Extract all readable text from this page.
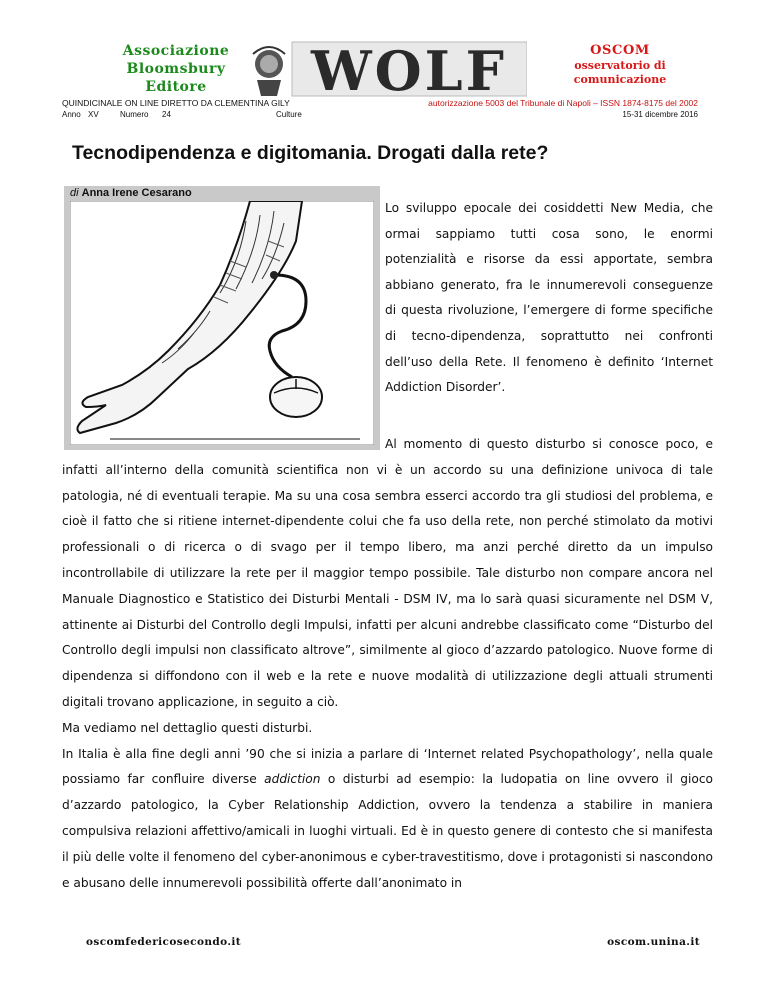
Associazione
Bloomsbury
Editore	WOLF	OSCOM
osservatorio di
comunicazione
QUINDICINALE ON LINE DIRETTO DA CLEMENTINA GILY
Anno XV	Numero 24	Culture
autorizzazione 5003 del Tribunale di Napoli – ISSN 1874-8175 del 2002
15-31 dicembre 2016
Tecnodipendenza e digitomania. Drogati dalla rete?
di Anna Irene Cesarano

Lo sviluppo epocale dei cosiddetti New Media, che ormai sappiamo tutti cosa sono, le enormi potenzialità e risorse da essi apportate, sembra abbiano generato, fra le innumerevoli conseguenze di questa rivoluzione, l’emergere di forme specifiche di tecno-dipendenza, soprattutto nei confronti dell’uso della Rete. Il fenomeno è definito ‘Internet Addiction Disorder’.

Al momento di questo disturbo si conosce poco, e infatti all’interno della comunità scientifica non vi è un accordo su una definizione univoca di tale patologia, né di eventuali terapie. Ma su una cosa sembra esserci accordo tra gli studiosi del problema, e cioè il fatto che si ritiene internet-dipendente colui che fa uso della rete, non perché stimolato da motivi professionali o di ricerca o di svago per il tempo libero, ma anzi perché diretto da un impulso incontrollabile di utilizzare la rete per il maggior tempo possibile. Tale disturbo non compare ancora nel Manuale Diagnostico e Statistico dei Disturbi Mentali - DSM IV, ma lo sarà quasi sicuramente nel DSM V, attinente ai Disturbi del Controllo degli Impulsi, infatti per alcuni andrebbe classificato come “Disturbo del Controllo degli impulsi non classificato altrove”, similmente al gioco d’azzardo patologico. Nuove forme di dipendenza si diffondono con il web e la rete e nuove modalità di utilizzazione degli attuali strumenti digitali trovano applicazione, in seguito a ciò.

Ma vediamo nel dettaglio questi disturbi.

In Italia è alla fine degli anni ’90 che si inizia a parlare di ‘Internet related Psychopathology’, nella quale possiamo far confluire diverse addiction o disturbi ad esempio: la ludopatia on line ovvero il gioco d’azzardo patologico, la Cyber Relationship Addiction, ovvero la tendenza a stabilire in maniera compulsiva relazioni affettivo/amicali in luoghi virtuali. Ed è in questo genere di contesto che si manifesta il più delle volte il fenomeno del cyber-anonimous e cyber-travestitismo, dove i protagonisti si nascondono e abusano delle innumerevoli possibilità offerte dall’anonimato in

oscomfedericosecondo.it	oscom.unina.it
